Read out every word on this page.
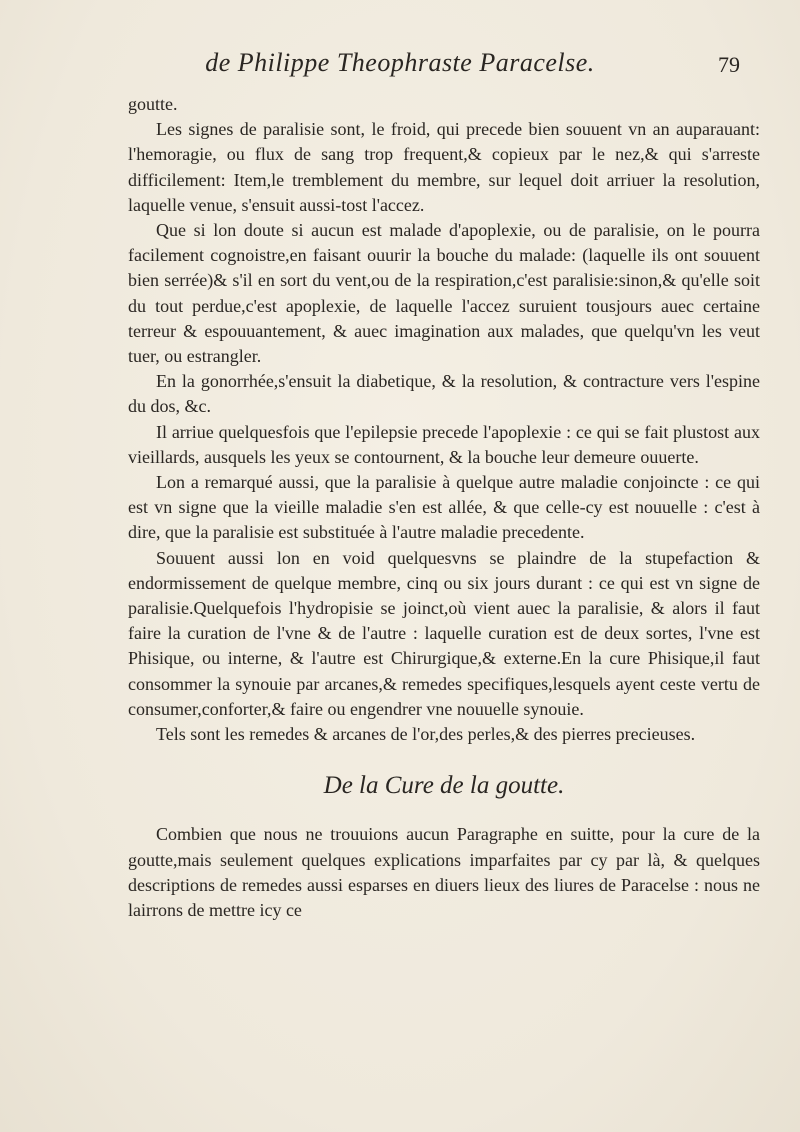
de Philippe Theophraste Paracelse.	79

goutte.

Les signes de paralisie sont, le froid, qui precede bien souuent vn an auparauant: l'hemoragie, ou flux de sang trop frequent,& copieux par le nez,& qui s'arreste difficilement: Item,le tremblement du membre, sur lequel doit arriuer la resolution, laquelle venue, s'ensuit aussi-tost l'accez.

Que si lon doute si aucun est malade d'apoplexie, ou de paralisie, on le pourra facilement cognoistre,en faisant ouurir la bouche du malade: (laquelle ils ont souuent bien serrée)& s'il en sort du vent,ou de la respiration,c'est paralisie:sinon,& qu'elle soit du tout perdue,c'est apoplexie, de laquelle l'accez suruient tousjours auec certaine terreur & espouuantement, & auec imagination aux malades, que quelqu'vn les veut tuer, ou estrangler.

En la gonorrhée,s'ensuit la diabetique, & la resolution, & contracture vers l'espine du dos, &c.

Il arriue quelquesfois que l'epilepsie precede l'apoplexie : ce qui se fait plustost aux vieillards, ausquels les yeux se contournent, & la bouche leur demeure ouuerte.

Lon a remarqué aussi, que la paralisie à quelque autre maladie conjoincte : ce qui est vn signe que la vieille maladie s'en est allée, & que celle-cy est nouuelle : c'est à dire, que la paralisie est substituée à l'autre maladie precedente.

Souuent aussi lon en void quelquesvns se plaindre de la stupefaction & endormissement de quelque membre, cinq ou six jours durant : ce qui est vn signe de paralisie.Quelquefois l'hydropisie se joinct,où vient auec la paralisie, & alors il faut faire la curation de l'vne & de l'autre : laquelle curation est de deux sortes, l'vne est Phisique, ou interne, & l'autre est Chirurgique,& externe.En la cure Phisique,il faut consommer la synouie par arcanes,& remedes specifiques,lesquels ayent ceste vertu de consumer,conforter,& faire ou engendrer vne nouuelle synouie.

Tels sont les remedes & arcanes de l'or,des perles,& des pierres precieuses.

De la Cure de la goutte.

Combien que nous ne trouuions aucun Paragraphe en suitte, pour la cure de la goutte,mais seulement quelques explications imparfaites par cy par là, & quelques descriptions de remedes aussi esparses en diuers lieux des liures de Paracelse : nous ne lairrons de mettre icy ce
